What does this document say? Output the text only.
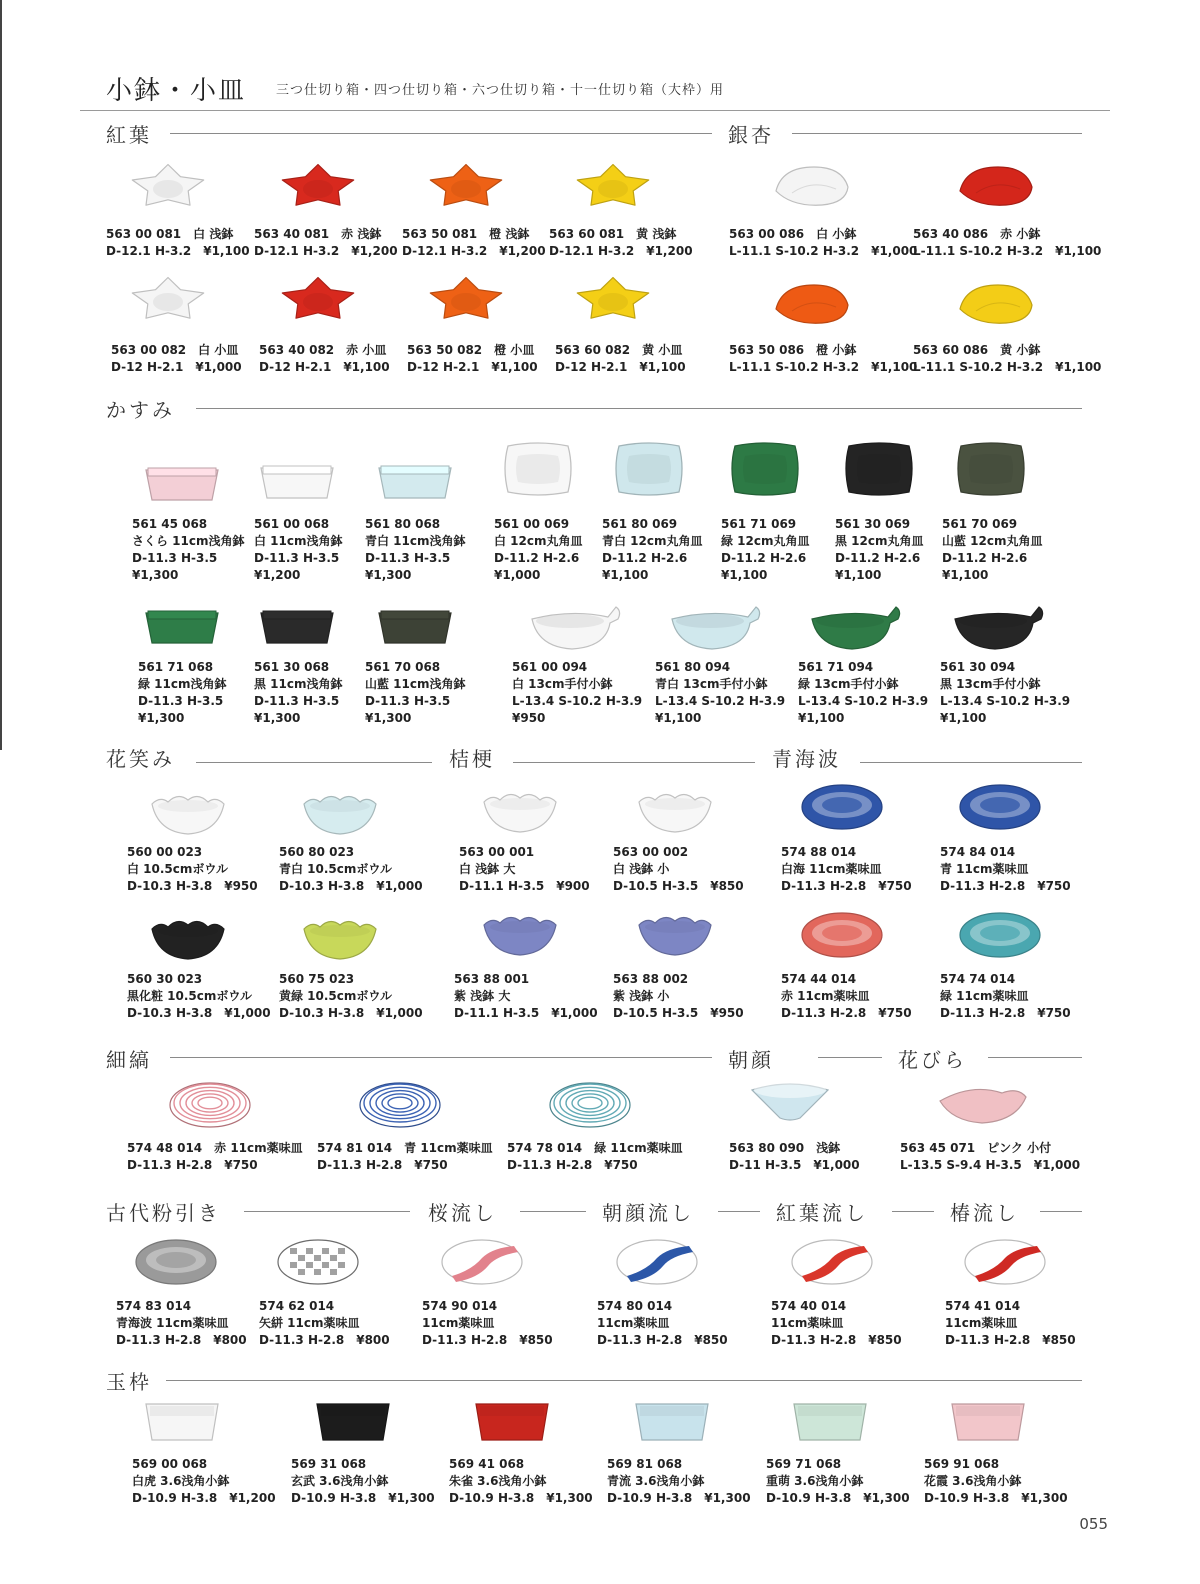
小鉢・小皿 三つ仕切り箱・四つ仕切り箱・六つ仕切り箱・十一仕切り箱（大枠）用
紅葉	銀杏
かすみ
花笑み	桔梗	青海波
細縞	朝顔	花びら
古代粉引き	桜流し	朝顔流し	紅葉流し	椿流し
玉枠
563 00 081　白 浅鉢
D-12.1 H-3.2　¥1,100
563 40 081　赤 浅鉢
D-12.1 H-3.2　¥1,200
563 50 081　橙 浅鉢
D-12.1 H-3.2　¥1,200
563 60 081　黄 浅鉢
D-12.1 H-3.2　¥1,200
563 00 086　白 小鉢
L-11.1 S-10.2 H-3.2　¥1,000
563 40 086　赤 小鉢
L-11.1 S-10.2 H-3.2　¥1,100
563 00 082　白 小皿
D-12 H-2.1　¥1,000
563 40 082　赤 小皿
D-12 H-2.1　¥1,100
563 50 082　橙 小皿
D-12 H-2.1　¥1,100
563 60 082　黄 小皿
D-12 H-2.1　¥1,100
563 50 086　橙 小鉢
L-11.1 S-10.2 H-3.2　¥1,100
563 60 086　黄 小鉢
L-11.1 S-10.2 H-3.2　¥1,100
561 45 068
さくら 11cm浅角鉢
D-11.3 H-3.5
¥1,300
561 00 068
白 11cm浅角鉢
D-11.3 H-3.5
¥1,200
561 80 068
青白 11cm浅角鉢
D-11.3 H-3.5
¥1,300
561 00 069
白 12cm丸角皿
D-11.2 H-2.6
¥1,000
561 80 069
青白 12cm丸角皿
D-11.2 H-2.6
¥1,100
561 71 069
緑 12cm丸角皿
D-11.2 H-2.6
¥1,100
561 30 069
黒 12cm丸角皿
D-11.2 H-2.6
¥1,100
561 70 069
山藍 12cm丸角皿
D-11.2 H-2.6
¥1,100
561 71 068
緑 11cm浅角鉢
D-11.3 H-3.5
¥1,300
561 30 068
黒 11cm浅角鉢
D-11.3 H-3.5
¥1,300
561 70 068
山藍 11cm浅角鉢
D-11.3 H-3.5
¥1,300
561 00 094
白 13cm手付小鉢
L-13.4 S-10.2 H-3.9
¥950
561 80 094
青白 13cm手付小鉢
L-13.4 S-10.2 H-3.9
¥1,100
561 71 094
緑 13cm手付小鉢
L-13.4 S-10.2 H-3.9
¥1,100
561 30 094
黒 13cm手付小鉢
L-13.4 S-10.2 H-3.9
¥1,100
560 00 023
白 10.5cmボウル
D-10.3 H-3.8　¥950
560 80 023
青白 10.5cmボウル
D-10.3 H-3.8　¥1,000
563 00 001
白 浅鉢 大
D-11.1 H-3.5　¥900
563 00 002
白 浅鉢 小
D-10.5 H-3.5　¥850
574 88 014
白海 11cm薬味皿
D-11.3 H-2.8　¥750
574 84 014
青 11cm薬味皿
D-11.3 H-2.8　¥750
560 30 023
黒化粧 10.5cmボウル
D-10.3 H-3.8　¥1,000
560 75 023
黄緑 10.5cmボウル
D-10.3 H-3.8　¥1,000
563 88 001
紫 浅鉢 大
D-11.1 H-3.5　¥1,000
563 88 002
紫 浅鉢 小
D-10.5 H-3.5　¥950
574 44 014
赤 11cm薬味皿
D-11.3 H-2.8　¥750
574 74 014
緑 11cm薬味皿
D-11.3 H-2.8　¥750
574 48 014　赤 11cm薬味皿
D-11.3 H-2.8　¥750
574 81 014　青 11cm薬味皿
D-11.3 H-2.8　¥750
574 78 014　緑 11cm薬味皿
D-11.3 H-2.8　¥750
563 80 090　浅鉢
D-11 H-3.5　¥1,000
563 45 071　ピンク 小付
L-13.5 S-9.4 H-3.5　¥1,000
574 83 014
青海波 11cm薬味皿
D-11.3 H-2.8　¥800
574 62 014
矢絣 11cm薬味皿
D-11.3 H-2.8　¥800
574 90 014
11cm薬味皿
D-11.3 H-2.8　¥850
574 80 014
11cm薬味皿
D-11.3 H-2.8　¥850
574 40 014
11cm薬味皿
D-11.3 H-2.8　¥850
574 41 014
11cm薬味皿
D-11.3 H-2.8　¥850
569 00 068
白虎 3.6浅角小鉢
D-10.9 H-3.8　¥1,200
569 31 068
玄武 3.6浅角小鉢
D-10.9 H-3.8　¥1,300
569 41 068
朱雀 3.6浅角小鉢
D-10.9 H-3.8　¥1,300
569 81 068
青流 3.6浅角小鉢
D-10.9 H-3.8　¥1,300
569 71 068
重萌 3.6浅角小鉢
D-10.9 H-3.8　¥1,300
569 91 068
花霞 3.6浅角小鉢
D-10.9 H-3.8　¥1,300
055
